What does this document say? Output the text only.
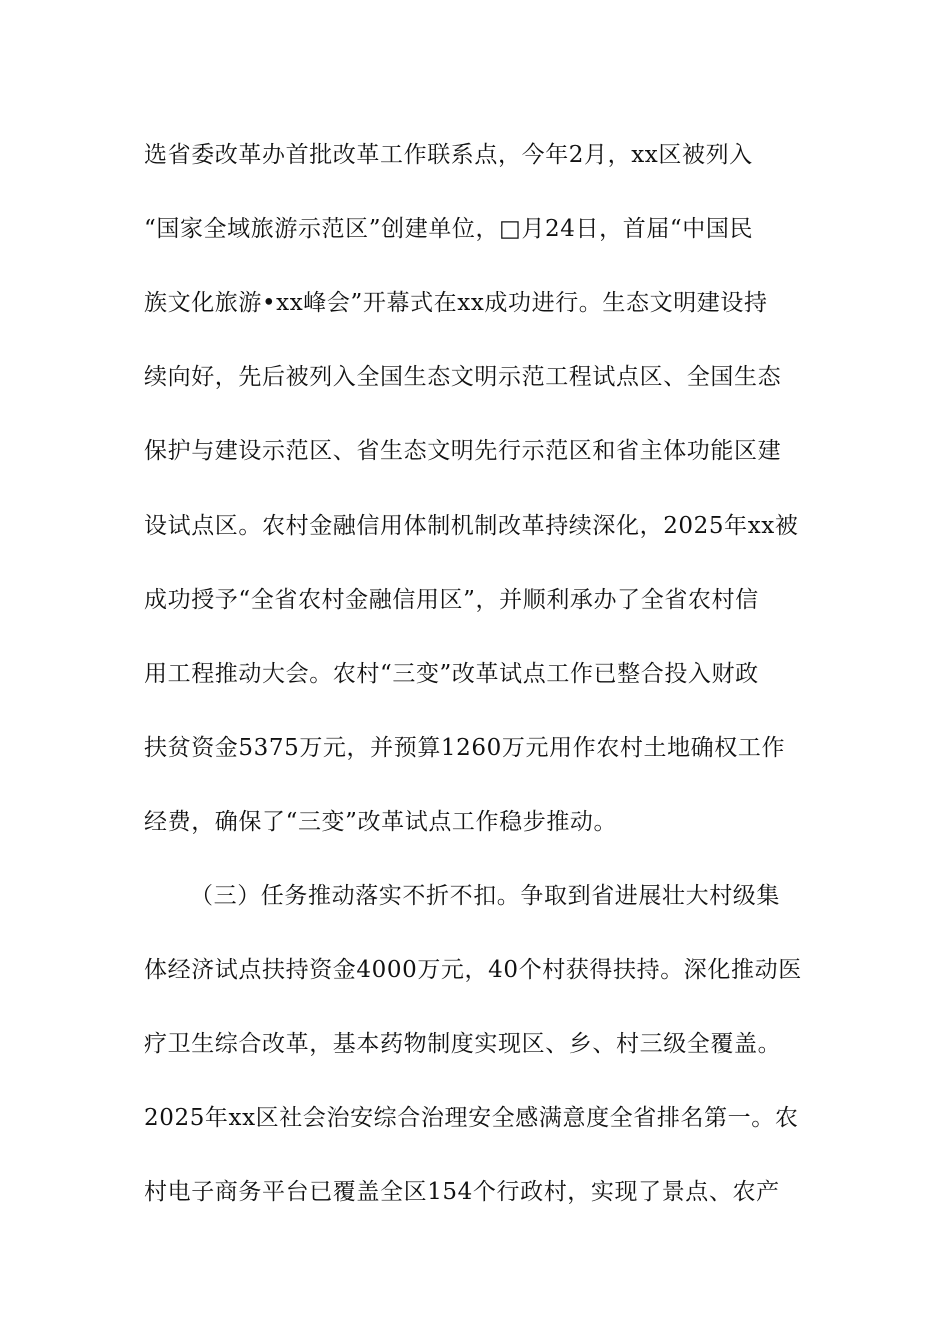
选省委改革办首批改革工作联系点，今年2月，xx区被列入
“国家全域旅游示范区”创建单位，□月24日，首届“中国民
族文化旅游•xx峰会”开幕式在xx成功进行。生态文明建设持
续向好，先后被列入全国生态文明示范工程试点区、全国生态
保护与建设示范区、省生态文明先行示范区和省主体功能区建
设试点区。农村金融信用体制机制改革持续深化，2025年xx被
成功授予“全省农村金融信用区”，并顺利承办了全省农村信
用工程推动大会。农村“三变”改革试点工作已整合投入财政
扶贫资金5375万元，并预算1260万元用作农村土地确权工作
经费，确保了“三变”改革试点工作稳步推动。
（三）任务推动落实不折不扣。争取到省进展壮大村级集
体经济试点扶持资金4000万元，40个村获得扶持。深化推动医
疗卫生综合改革，基本药物制度实现区、乡、村三级全覆盖。
2025年xx区社会治安综合治理安全感满意度全省排名第一。农
村电子商务平台已覆盖全区154个行政村，实现了景点、农产
